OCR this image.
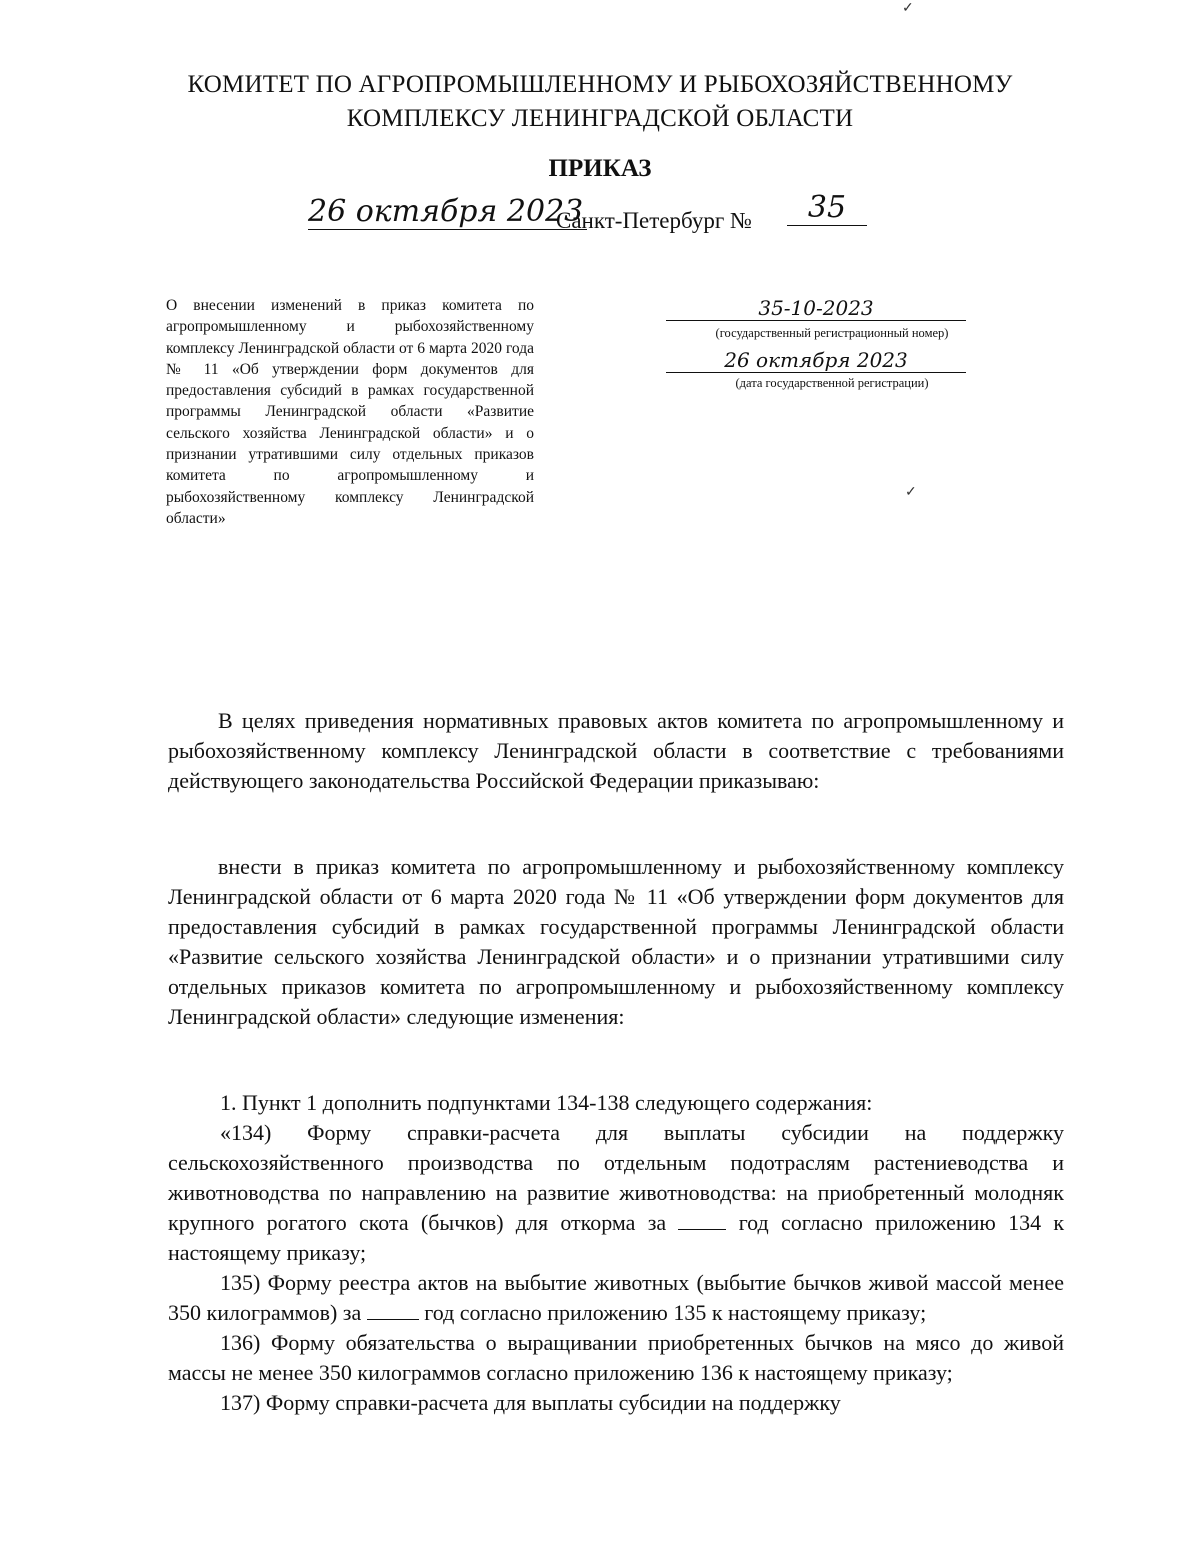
КОМИТЕТ ПО АГРОПРОМЫШЛЕННОМУ И РЫБОХОЗЯЙСТВЕННОМУ
КОМПЛЕКСУ ЛЕНИНГРАДСКОЙ ОБЛАСТИ
ПРИКАЗ
26 октября 2023
Санкт-Петербург №	35
О внесении изменений в приказ комитета по агропромышленному и рыбохозяйственному комплексу Ленинградской области от 6 марта 2020 года № 11 «Об утверждении форм документов для предоставления субсидий в рамках государственной программы Ленинградской области «Развитие сельского хозяйства Ленинградской области» и о признании утратившими силу отдельных приказов комитета по агропромышленному и рыбохозяйственному комплексу Ленинградской области»
35-10-2023
(государственный регистрационный номер)
26 октября 2023
(дата государственной регистрации)

В целях приведения нормативных правовых актов комитета по агропромышленному и рыбохозяйственному комплексу Ленинградской области в соответствие с требованиями действующего законодательства Российской Федерации приказываю:

внести в приказ комитета по агропромышленному и рыбохозяйственному комплексу Ленинградской области от 6 марта 2020 года № 11 «Об утверждении форм документов для предоставления субсидий в рамках государственной программы Ленинградской области «Развитие сельского хозяйства Ленинградской области» и о признании утратившими силу отдельных приказов комитета по агропромышленному и рыбохозяйственному комплексу Ленинградской области» следующие изменения:

1. Пункт 1 дополнить подпунктами 134-138 следующего содержания:

«134) Форму справки-расчета для выплаты субсидии на поддержку сельскохозяйственного производства по отдельным подотраслям растениеводства и животноводства по направлению на развитие животноводства: на приобретенный молодняк крупного рогатого скота (бычков) для откорма за	год согласно приложению 134 к настоящему приказу;

135) Форму реестра актов на выбытие животных (выбытие бычков живой массой менее 350 килограммов) за	год согласно приложению 135 к настоящему приказу;

136) Форму обязательства о выращивании приобретенных бычков на мясо до живой массы не менее 350 килограммов согласно приложению 136 к настоящему приказу;

137) Форму справки-расчета для выплаты субсидии на поддержку

✓
✓
